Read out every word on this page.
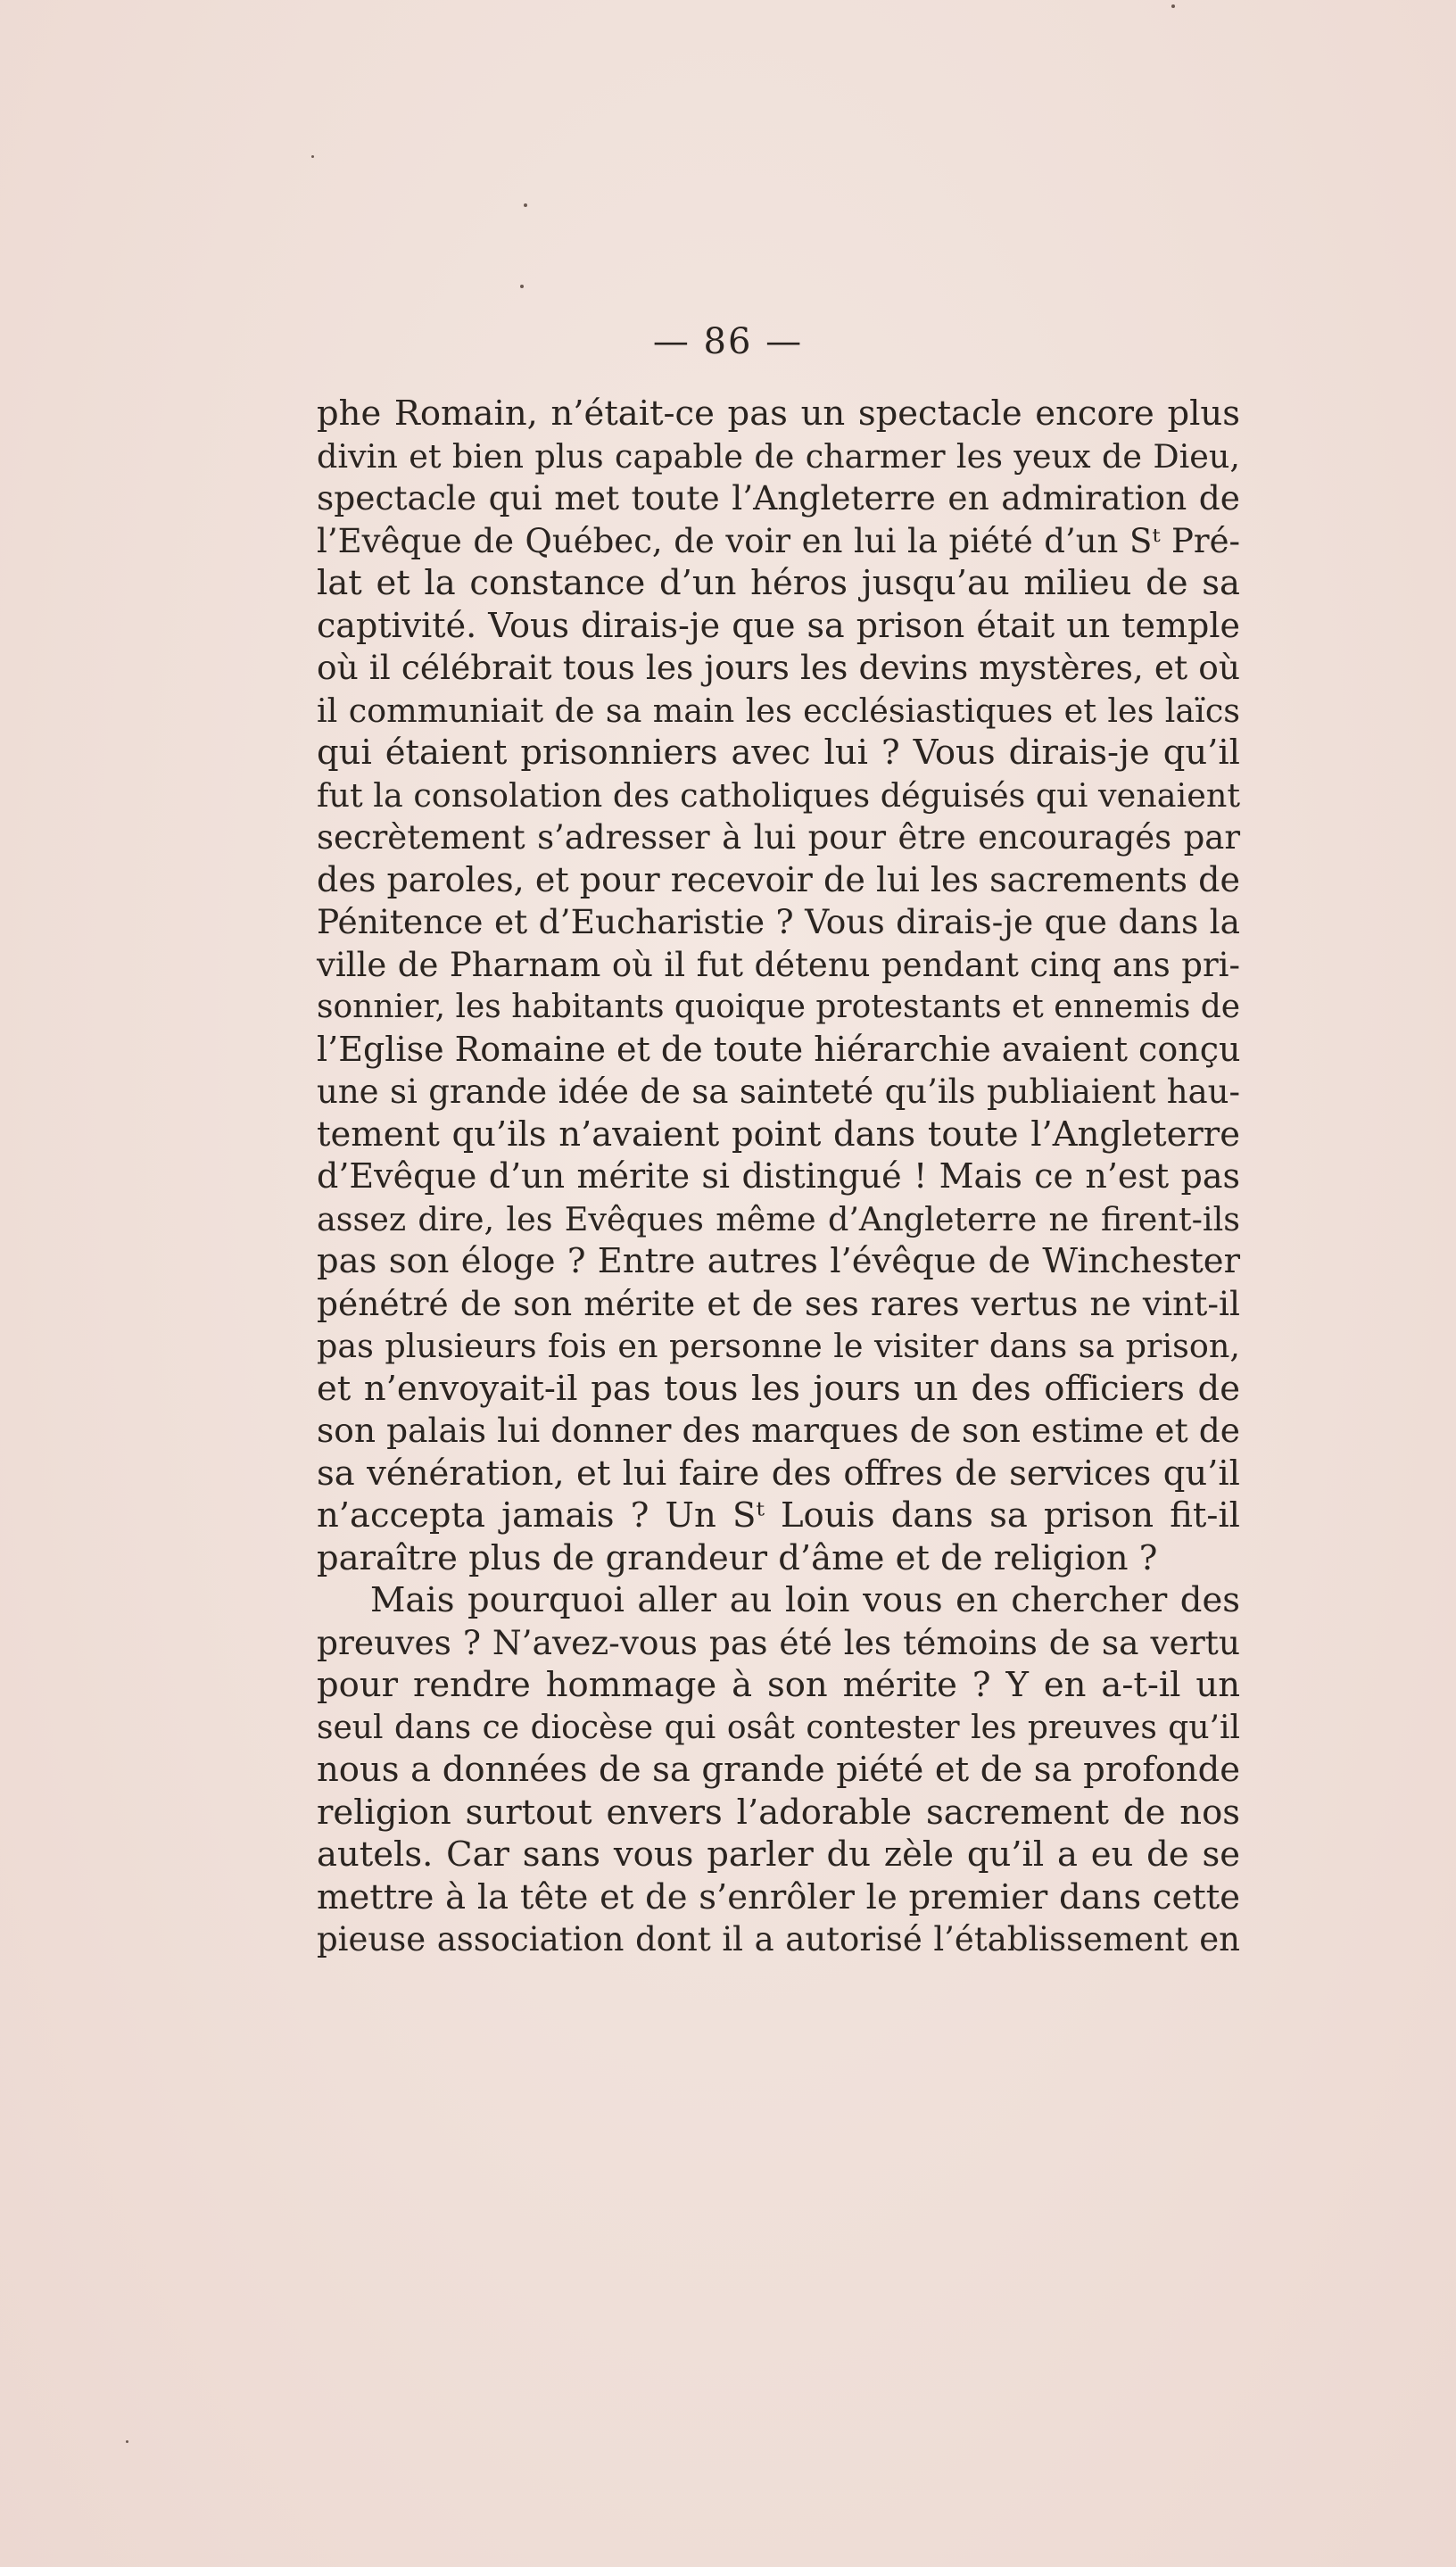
— 86 —
phe Romain, n’était-ce pas un spectacle encore plus
divin et bien plus capable de charmer les yeux de Dieu,
spectacle qui met toute l’Angleterre en admiration de
l’Evêque de Québec, de voir en lui la piété d’un Sᵗ Pré-
lat et la constance d’un héros jusqu’au milieu de sa
captivité. Vous dirais-je que sa prison était un temple
où il célébrait tous les jours les devins mystères, et où
il communiait de sa main les ecclésiastiques et les laïcs
qui étaient prisonniers avec lui ? Vous dirais-je qu’il
fut la consolation des catholiques déguisés qui venaient
secrètement s’adresser à lui pour être encouragés par
des paroles, et pour recevoir de lui les sacrements de
Pénitence et d’Eucharistie ? Vous dirais-je que dans la
ville de Pharnam où il fut détenu pendant cinq ans pri-
sonnier, les habitants quoique protestants et ennemis de
l’Eglise Romaine et de toute hiérarchie avaient conçu
une si grande idée de sa sainteté qu’ils publiaient hau-
tement qu’ils n’avaient point dans toute l’Angleterre
d’Evêque d’un mérite si distingué ! Mais ce n’est pas
assez dire, les Evêques même d’Angleterre ne firent-ils
pas son éloge ? Entre autres l’évêque de Winchester
pénétré de son mérite et de ses rares vertus ne vint-il
pas plusieurs fois en personne le visiter dans sa prison,
et n’envoyait-il pas tous les jours un des officiers de
son palais lui donner des marques de son estime et de
sa vénération, et lui faire des offres de services qu’il
n’accepta jamais ? Un Sᵗ Louis dans sa prison fit-il
paraître plus de grandeur d’âme et de religion ?
Mais pourquoi aller au loin vous en chercher des
preuves ? N’avez-vous pas été les témoins de sa vertu
pour rendre hommage à son mérite ? Y en a-t-il un
seul dans ce diocèse qui osât contester les preuves qu’il
nous a données de sa grande piété et de sa profonde
religion surtout envers l’adorable sacrement de nos
autels. Car sans vous parler du zèle qu’il a eu de se
mettre à la tête et de s’enrôler le premier dans cette
pieuse association dont il a autorisé l’établissement en
